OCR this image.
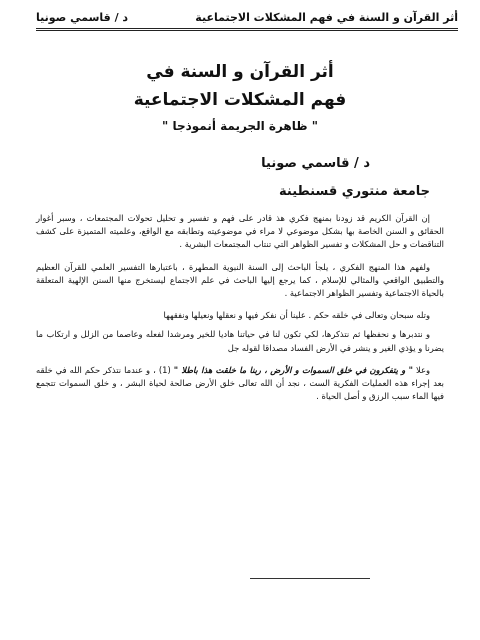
أثر القرآن و السنة في فهم المشكلات الاجتماعية
د / قاسمي صونيا
أثر القرآن و السنة في
فهم المشكلات الاجتماعية
" ظاهرة الجريمة أنموذجا "
د / قاسمي صونيا
جامعة منتوري قسنطينة

إن القرآن الكريم قد زودنا بمنهج فكري هذ قادر على فهم و تفسير و تحليل تحولات المجتمعات ، وسبر أغوار الحقائق و السنن الخاصة بها بشكل موضوعي لا مراء في موضوعيته وتطابقه مع الواقع، وعلميته المتميزة على كشف التناقضات و حل المشكلات و تفسير الظواهر التي تنتاب المجتمعات البشرية .

ولفهم هذا المنهج الفكري ، يلجأ الباحث إلى السنة النبوية المطهرة ، باعتبارها التفسير العلمي للقرآن العظيم والتطبيق الواقعي والمثالي للإسلام ، كما يرجع إليها الباحث في علم الاجتماع ليستخرج منها السنن الإلهية المتعلقة بالحياة الاجتماعية وتفسير الظواهر الاجتماعية .

وتله سبحان وتعالى في خلقه حكم . علينا أن نفكر فيها و نعقلها ونعيلها ونفقهها

و نتدبرها و نحفظها ثم نتذكرها، لكي تكون لنا في حياتنا هاديا للخير ومرشدا لفعله وعاصما من الزلل و ارتكاب ما يضرنا و يؤذي الغير و ينشر في الأرض الفساد مصداقا لقوله جل

وعلا " و يتفكرون في خلق السموات و الأرض ، ربنا ما خلقت هذا باطلا " (1) ، و عندما نتذكر حكم الله في خلقه بعد إجراء هذه العمليات الفكرية الست ، نجد أن الله تعالى خلق الأرض صالحة لحياة البشر ، و خلق السموات تتجمع فيها الماء سبب الرزق و أصل الحياة .
